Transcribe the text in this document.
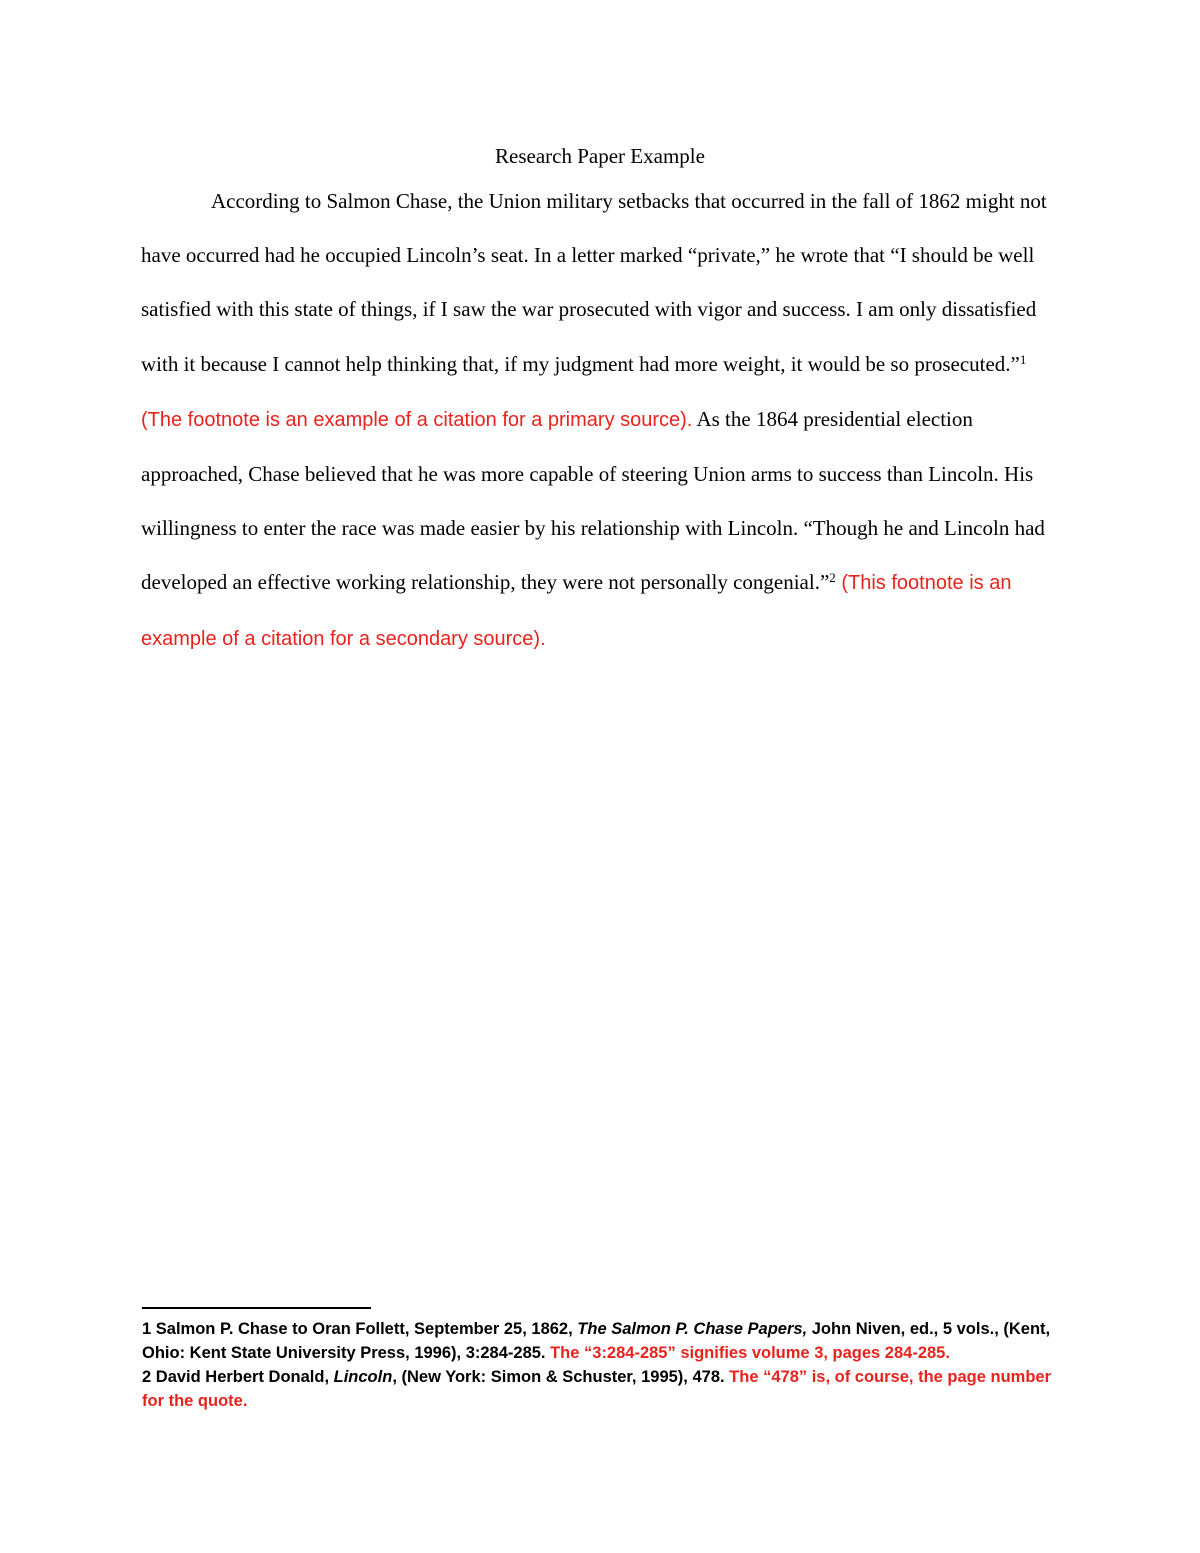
Research Paper Example

According to Salmon Chase, the Union military setbacks that occurred in the fall of 1862 might not have occurred had he occupied Lincoln’s seat. In a letter marked “private,” he wrote that “I should be well satisfied with this state of things, if I saw the war prosecuted with vigor and success. I am only dissatisfied with it because I cannot help thinking that, if my judgment had more weight, it would be so prosecuted.”$^1$ (The footnote is an example of a citation for a primary source). As the 1864 presidential election approached, Chase believed that he was more capable of steering Union arms to success than Lincoln. His willingness to enter the race was made easier by his relationship with Lincoln. “Though he and Lincoln had developed an effective working relationship, they were not personally congenial.”$^2$ (This footnote is an example of a citation for a secondary source).

1 Salmon P. Chase to Oran Follett, September 25, 1862, The Salmon P. Chase Papers, John Niven, ed., 5 vols., (Kent, Ohio: Kent State University Press, 1996), 3:284-285. The “3:284-285” signifies volume 3, pages 284-285.

2 David Herbert Donald, Lincoln, (New York: Simon & Schuster, 1995), 478. The “478” is, of course, the page number for the quote.
